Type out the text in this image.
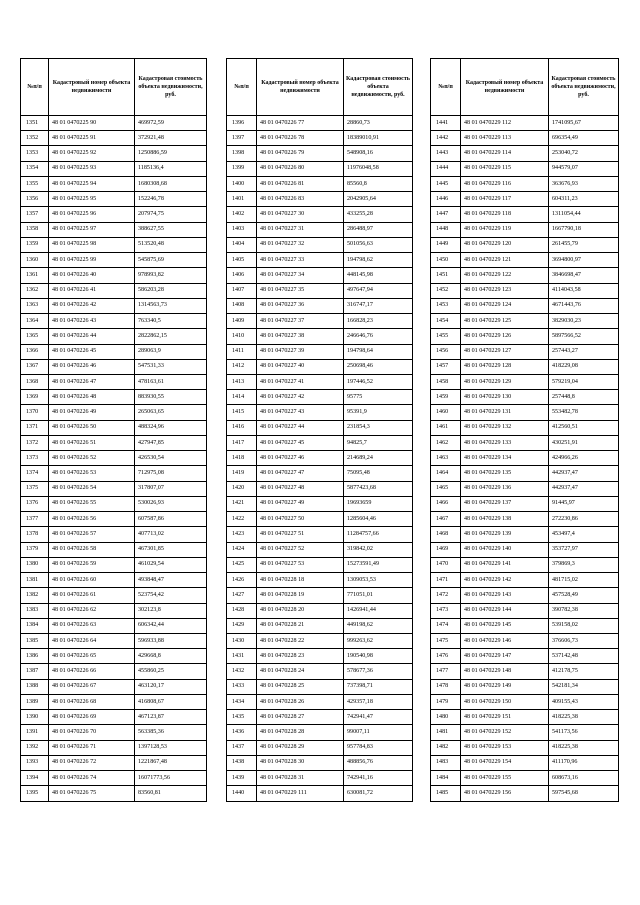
№п/п	Кадастровый номер объекта недвижимости	Кадастровая стоимость объекта недвижимости, руб.
1351	48 01 0470225 90	469972,59
1352	48 01 0470225 91	372921,48
1353	48 01 0470225 92	1250886,59
1354	48 01 0470225 93	1185136,4
1355	48 01 0470225 94	1680308,68
1356	48 01 0470225 95	152246,78
1357	48 01 0470225 96	207974,75
1358	48 01 0470225 97	388627,55
1359	48 01 0470225 98	513520,48
1360	48 01 0470225 99	545875,69
1361	48 01 0470226 40	978993,82
1362	48 01 0470226 41	586203,28
1363	48 01 0470226 42	1314563,73
1364	48 01 0470226 43	763340,5
1365	48 01 0470226 44	2822862,15
1366	48 01 0470226 45	289063,9
1367	48 01 0470226 46	547531,33
1368	48 01 0470226 47	478163,61
1369	48 01 0470226 48	883930,55
1370	48 01 0470226 49	265063,65
1371	48 01 0470226 50	488324,96
1372	48 01 0470226 51	427947,85
1373	48 01 0470226 52	426530,54
1374	48 01 0470226 53	712975,08
1375	48 01 0470226 54	317807,07
1376	48 01 0470226 55	530026,93
1377	48 01 0470226 56	607587,86
1378	48 01 0470226 57	407713,02
1379	48 01 0470226 58	467301,85
1380	48 01 0470226 59	461029,54
1381	48 01 0470226 60	493848,47
1382	48 01 0470226 61	523754,42
1383	48 01 0470226 62	302123,8
1384	48 01 0470226 63	606342,44
1385	48 01 0470226 64	596933,88
1386	48 01 0470226 65	429668,8
1387	48 01 0470226 66	455860,25
1388	48 01 0470226 67	463120,17
1389	48 01 0470226 68	416808,67
1390	48 01 0470226 69	467123,87
1391	48 01 0470226 70	563385,36
1392	48 01 0470226 71	1397128,53
1393	48 01 0470226 72	1221867,48
1394	48 01 0470226 74	16071773,56
1395	48 01 0470226 75	83560,81
№п/п	Кадастровый номер объекта недвижимости	Кадастровая стоимость объекта недвижимости, руб.
1396	48 01 0470226 77	28860,73
1397	48 01 0470226 78	18389010,91
1398	48 01 0470226 79	548908,16
1399	48 01 0470226 80	11976048,58
1400	48 01 0470226 81	85560,8
1401	48 01 0470226 83	2042905,64
1402	48 01 0470227 30	433255,28
1403	48 01 0470227 31	286488,97
1404	48 01 0470227 32	501056,63
1405	48 01 0470227 33	194798,62
1406	48 01 0470227 34	448145,98
1407	48 01 0470227 35	497647,94
1408	48 01 0470227 36	316747,17
1409	48 01 0470227 37	166828,23
1410	48 01 0470227 38	246646,76
1411	48 01 0470227 39	194798,64
1412	48 01 0470227 40	250698,46
1413	48 01 0470227 41	197446,52
1414	48 01 0470227 42	95775
1415	48 01 0470227 43	95391,9
1416	48 01 0470227 44	231854,3
1417	48 01 0470227 45	94825,7
1418	48 01 0470227 46	214689,24
1419	48 01 0470227 47	75095,48
1420	48 01 0470227 48	5877423,68
1421	48 01 0470227 49	19693659
1422	48 01 0470227 50	1285604,46
1423	48 01 0470227 51	11284757,66
1424	48 01 0470227 52	319842,02
1425	48 01 0470227 53	15273591,49
1426	48 01 0470228 18	1309053,53
1427	48 01 0470228 19	771051,01
1428	48 01 0470228 20	1426941,44
1429	48 01 0470228 21	449198,62
1430	48 01 0470228 22	999263,62
1431	48 01 0470228 23	190540,98
1432	48 01 0470228 24	578677,36
1433	48 01 0470228 25	737398,71
1434	48 01 0470228 26	429357,18
1435	48 01 0470228 27	742941,47
1436	48 01 0470228 28	99007,11
1437	48 01 0470228 29	957784,83
1438	48 01 0470228 30	488856,76
1439	48 01 0470228 31	742941,16
1440	48 01 0470229 111	630081,72
№п/п	Кадастровый номер объекта недвижимости	Кадастровая стоимость объекта недвижимости, руб.
1441	48 01 0470229 112	1741095,67
1442	48 01 0470229 113	696354,49
1443	48 01 0470229 114	253040,72
1444	48 01 0470229 115	944579,07
1445	48 01 0470229 116	363676,93
1446	48 01 0470229 117	604311,23
1447	48 01 0470229 118	1311054,44
1448	48 01 0470229 119	1667790,18
1449	48 01 0470229 120	261455,79
1450	48 01 0470229 121	3694800,97
1451	48 01 0470229 122	3846698,47
1452	48 01 0470229 123	4114043,58
1453	48 01 0470229 124	4671443,76
1454	48 01 0470229 125	3829030,23
1455	48 01 0470229 126	5897566,52
1456	48 01 0470229 127	257443,27
1457	48 01 0470229 128	418229,08
1458	48 01 0470229 129	579219,04
1459	48 01 0470229 130	257448,8
1460	48 01 0470229 131	553482,78
1461	48 01 0470229 132	412560,51
1462	48 01 0470229 133	430251,91
1463	48 01 0470229 134	424966,26
1464	48 01 0470229 135	442937,47
1465	48 01 0470229 136	442937,47
1466	48 01 0470229 137	91445,97
1467	48 01 0470229 138	272230,86
1468	48 01 0470229 139	453497,4
1469	48 01 0470229 140	353727,97
1470	48 01 0470229 141	379869,3
1471	48 01 0470229 142	481715,02
1472	48 01 0470229 143	457528,49
1473	48 01 0470229 144	390782,38
1474	48 01 0470229 145	539158,02
1475	48 01 0470229 146	376606,73
1476	48 01 0470229 147	537142,48
1477	48 01 0470229 148	412178,75
1478	48 01 0470229 149	542181,34
1479	48 01 0470229 150	409155,43
1480	48 01 0470229 151	418225,38
1481	48 01 0470229 152	541173,56
1482	48 01 0470229 153	418225,38
1483	48 01 0470229 154	411170,96
1484	48 01 0470229 155	608673,16
1485	48 01 0470229 156	597545,68
